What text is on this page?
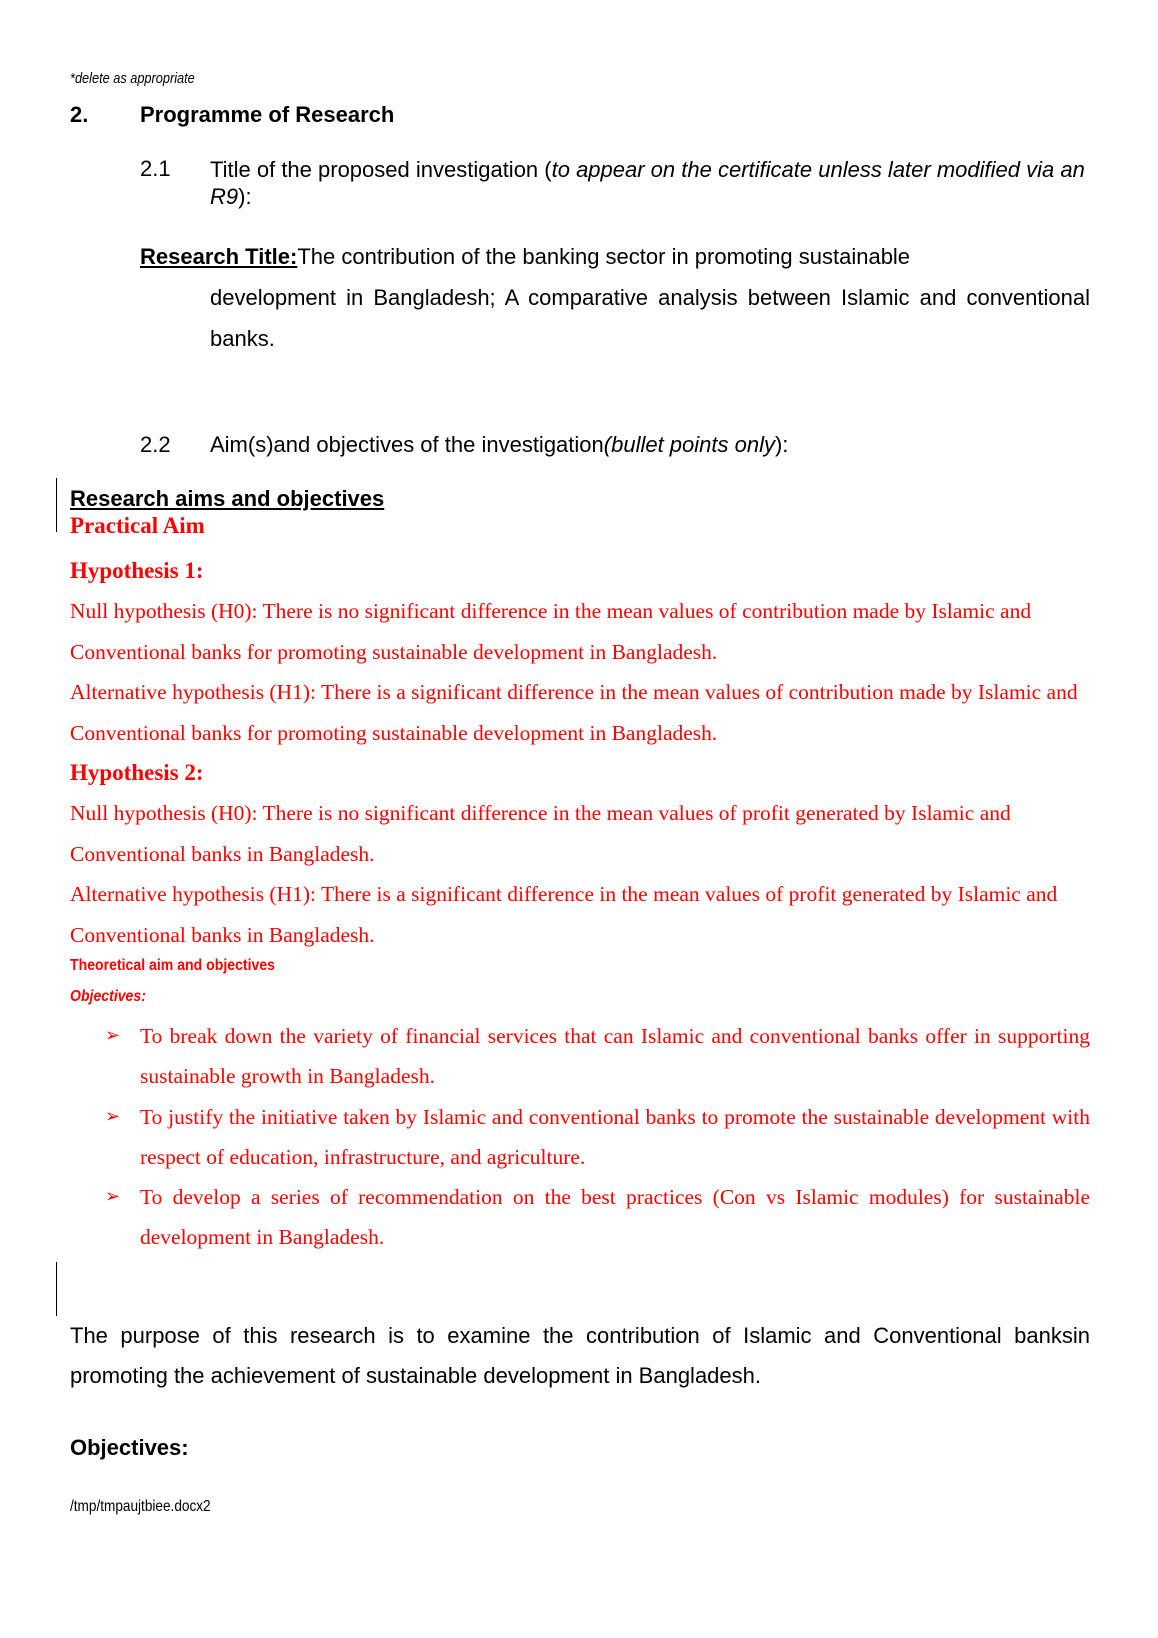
*delete as appropriate

2. Programme of Research

2.1 Title of the proposed investigation (to appear on the certificate unless later modified via an R9):

Research Title:The contribution of the banking sector in promoting sustainable
development in Bangladesh; A comparative analysis between Islamic and conventional banks.

2.2 Aim(s)and objectives of the investigation(bullet points only):

Research aims and objectives

Practical Aim

Hypothesis 1:

Null hypothesis (H0): There is no significant difference in the mean values of contribution made by Islamic and Conventional banks for promoting sustainable development in Bangladesh.

Alternative hypothesis (H1): There is a significant difference in the mean values of contribution made by Islamic and Conventional banks for promoting sustainable development in Bangladesh.

Hypothesis 2:

Null hypothesis (H0): There is no significant difference in the mean values of profit generated by Islamic and Conventional banks in Bangladesh.

Alternative hypothesis (H1): There is a significant difference in the mean values of profit generated by Islamic and Conventional banks in Bangladesh.

Theoretical aim and objectives

Objectives:

➢ To break down the variety of financial services that can Islamic and conventional banks offer in supporting sustainable growth in Bangladesh.
➢ To justify the initiative taken by Islamic and conventional banks to promote the sustainable development with respect of education, infrastructure, and agriculture.
➢ To develop a series of recommendation on the best practices (Con vs Islamic modules) for sustainable development in Bangladesh.

The purpose of this research is to examine the contribution of Islamic and Conventional banksin promoting the achievement of sustainable development in Bangladesh.

Objectives:

/tmp/tmpaujtbiee.docx2
